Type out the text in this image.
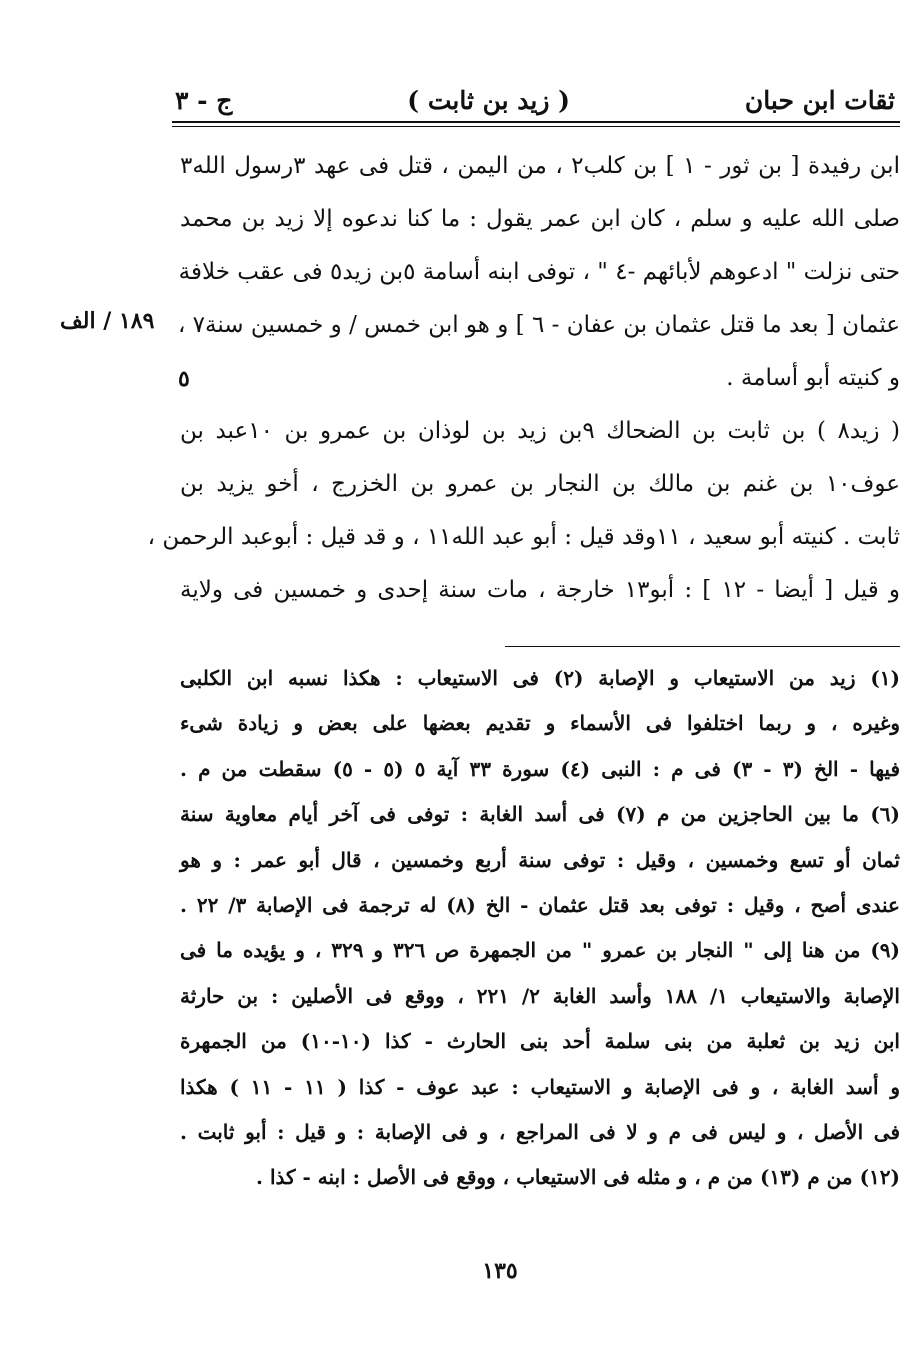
ثقات ابن حبان
( زيد بن ثابت )
ج - ٣
ابن رفيدة [ بن ثور - ١ ] بن كلب٢ ، من اليمن ، قتل فى عهد ٣رسول الله٣
صلى الله عليه و سلم ، كان ابن عمر يقول : ما كنا ندعوه إلا زيد بن محمد
حتى نزلت " ادعوهم لأبائهم -٤ " ، توفى ابنه أسامة ٥بن زيد٥ فى عقب خلافة
عثمان [ بعد ما قتل عثمان بن عفان - ٦ ] و هو ابن خمس / و خمسين سنة٧ ،
و كنيته أبو أسامة .
( زيد٨ ) بن ثابت بن الضحاك ٩بن زيد بن لوذان بن عمرو بن ١٠عبد بن
عوف١٠ بن غنم بن مالك بن النجار بن عمرو بن الخزرج ، أخو يزيد بن
ثابت . كنيته أبو سعيد ، ١١وقد قيل : أبو عبد الله١١ ، و قد قيل : أبوعبد الرحمن ،
و قيل [ أيضا - ١٢ ] : أبو١٣ خارجة ، مات سنة إحدى و خمسين فى ولاية
١٨٩ / الف
٥
(١) زيد من الاستيعاب و الإصابة (٢) فى الاستيعاب : هكذا نسبه ابن الكلبى
وغيره ، و ربما اختلفوا فى الأسماء و تقديم بعضها على بعض و زيادة شىء
فيها - الخ (٣ - ٣) فى م : النبى (٤) سورة ٣٣ آية ٥ (٥ - ٥) سقطت من م .
(٦) ما بين الحاجزين من م (٧) فى أسد الغابة : توفى فى آخر أيام معاوية سنة
ثمان أو تسع وخمسين ، وقيل : توفى سنة أربع وخمسين ، قال أبو عمر : و هو
عندى أصح ، وقيل : توفى بعد قتل عثمان - الخ (٨) له ترجمة فى الإصابة ٣/ ٢٢ .
(٩) من هنا إلى " النجار بن عمرو " من الجمهرة ص ٣٢٦ و ٣٢٩ ، و يؤيده ما فى
الإصابة والاستيعاب ١/ ١٨٨ وأسد الغابة ٢/ ٢٢١ ، ووقع فى الأصلين : بن حارثة
ابن زيد بن ثعلبة من بنى سلمة أحد بنى الحارث - كذا (١٠-١٠) من الجمهرة
و أسد الغابة ، و فى الإصابة و الاستيعاب : عبد عوف - كذا ( ١١ - ١١ ) هكذا
فى الأصل ، و ليس فى م و لا فى المراجع ، و فى الإصابة : و قيل : أبو ثابت .
(١٢) من م (١٣) من م ، و مثله فى الاستيعاب ، ووقع فى الأصل : ابنه - كذا .
١٣٥
